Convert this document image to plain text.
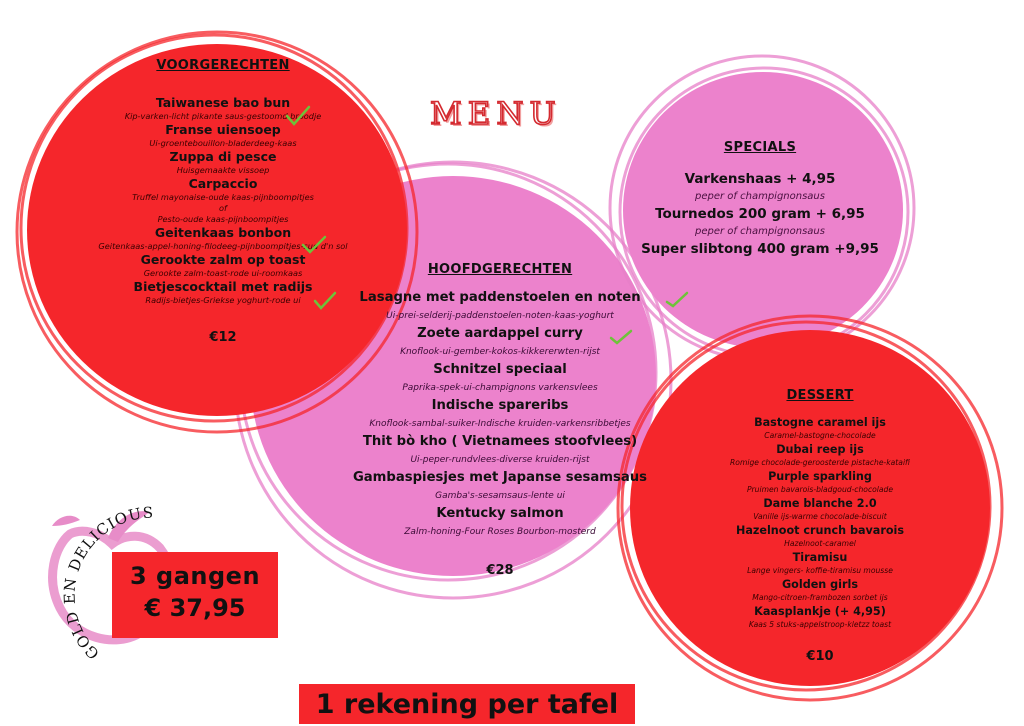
MENU
VOORGERECHTEN
Taiwanese bao bun
Kip-varken-licht pikante saus-gestoomd broodje
Franse uiensoep
Ui-groentebouillon-bladerdeeg-kaas
Zuppa di pesce
Huisgemaakte vissoep
Carpaccio
Truffel mayonaise-oude kaas-pijnboompitjes
of
Pesto-oude kaas-pijnboompitjes
Geitenkaas bonbon
Geitenkaas-appel-honing-filodeeg-pijnboompitjes-sud d'n sol
Gerookte zalm op toast
Gerookte zalm-toast-rode ui-roomkaas
Bietjescocktail met radijs
Radijs-bietjes-Griekse yoghurt-rode ui
€12
HOOFDGERECHTEN
Lasagne met paddenstoelen en noten
Ui-prei-selderij-paddenstoelen-noten-kaas-yoghurt
Zoete aardappel curry
Knoflook-ui-gember-kokos-kikkererwten-rijst
Schnitzel speciaal
Paprika-spek-ui-champignons varkensvlees
Indische spareribs
Knoflook-sambal-suiker-Indische kruiden-varkensribbetjes
Thit bò kho ( Vietnamees stoofvlees)
Ui-peper-rundvlees-diverse kruiden-rijst
Gambaspiesjes met Japanse sesamsaus
Gamba's-sesamsaus-lente ui
Kentucky salmon
Zalm-honing-Four Roses Bourbon-mosterd
€28
SPECIALS
Varkenshaas + 4,95
peper of champignonsaus
Tournedos 200 gram + 6,95
peper of champignonsaus
Super slibtong 400 gram +9,95
DESSERT
Bastogne caramel ijs
Caramel-bastogne-chocolade
Dubai reep ijs
Romige chocolade-geroosterde pistache-kataifi
Purple sparkling
Pruimen bavarois-bladgoud-chocolade
Dame blanche 2.0
Vanille ijs-warme chocolade-biscuit
Hazelnoot crunch bavarois
Hazelnoot-caramel
Tiramisu
Lange vingers- koffie-tiramisu mousse
Golden girls
Mango-citroen-frambozen sorbet ijs
Kaasplankje (+ 4,95)
Kaas 5 stuks-appelstroop-kletzz toast
€10
GOLD EN DELICIOUS
3 gangen
€ 37,95
1 rekening per tafel
